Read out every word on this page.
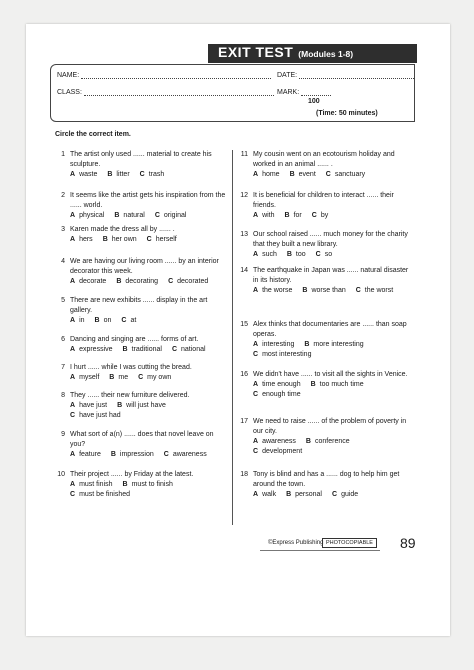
EXIT TEST (Modules 1-8)
NAME:	DATE:
CLASS:	MARK:
100
(Time: 50 minutes)
Circle the correct item.
1 The artist only used ...... material to create his sculpture.
A waste B litter C trash
2 It seems like the artist gets his inspiration from the ...... world.
A physical B natural C original
3 Karen made the dress all by ...... .
A hers B her own C herself
4 We are having our living room ...... by an interior decorator this week.
A decorate B decorating C decorated
5 There are new exhibits ...... display in the art gallery.
A in B on C at
6 Dancing and singing are ...... forms of art.
A expressive B traditional C national
7 I hurt ...... while I was cutting the bread.
A myself B me C my own
8 They ...... their new furniture delivered.
A have just B will just have
C have just had
9 What sort of a(n) ...... does that novel leave on you?
A feature B impression C awareness
10 Their project ...... by Friday at the latest.
A must finish B must to finish
C must be finished
11 My cousin went on an ecotourism holiday and worked in an animal ...... .
A home B event C sanctuary
12 It is beneficial for children to interact ...... their friends.
A with B for C by
13 Our school raised ...... much money for the charity that they built a new library.
A such B too C so
14 The earthquake in Japan was ...... natural disaster in its history.
A the worse B worse than C the worst
15 Alex thinks that documentaries are ...... than soap operas.
A interesting B more interesting
C most interesting
16 We didn't have ...... to visit all the sights in Venice.
A time enough B too much time
C enough time
17 We need to raise ...... of the problem of poverty in our city.
A awareness B conference
C development
18 Tony is blind and has a ...... dog to help him get around the town.
A walk B personal C guide
©Express Publishing PHOTOCOPIABLE 89
